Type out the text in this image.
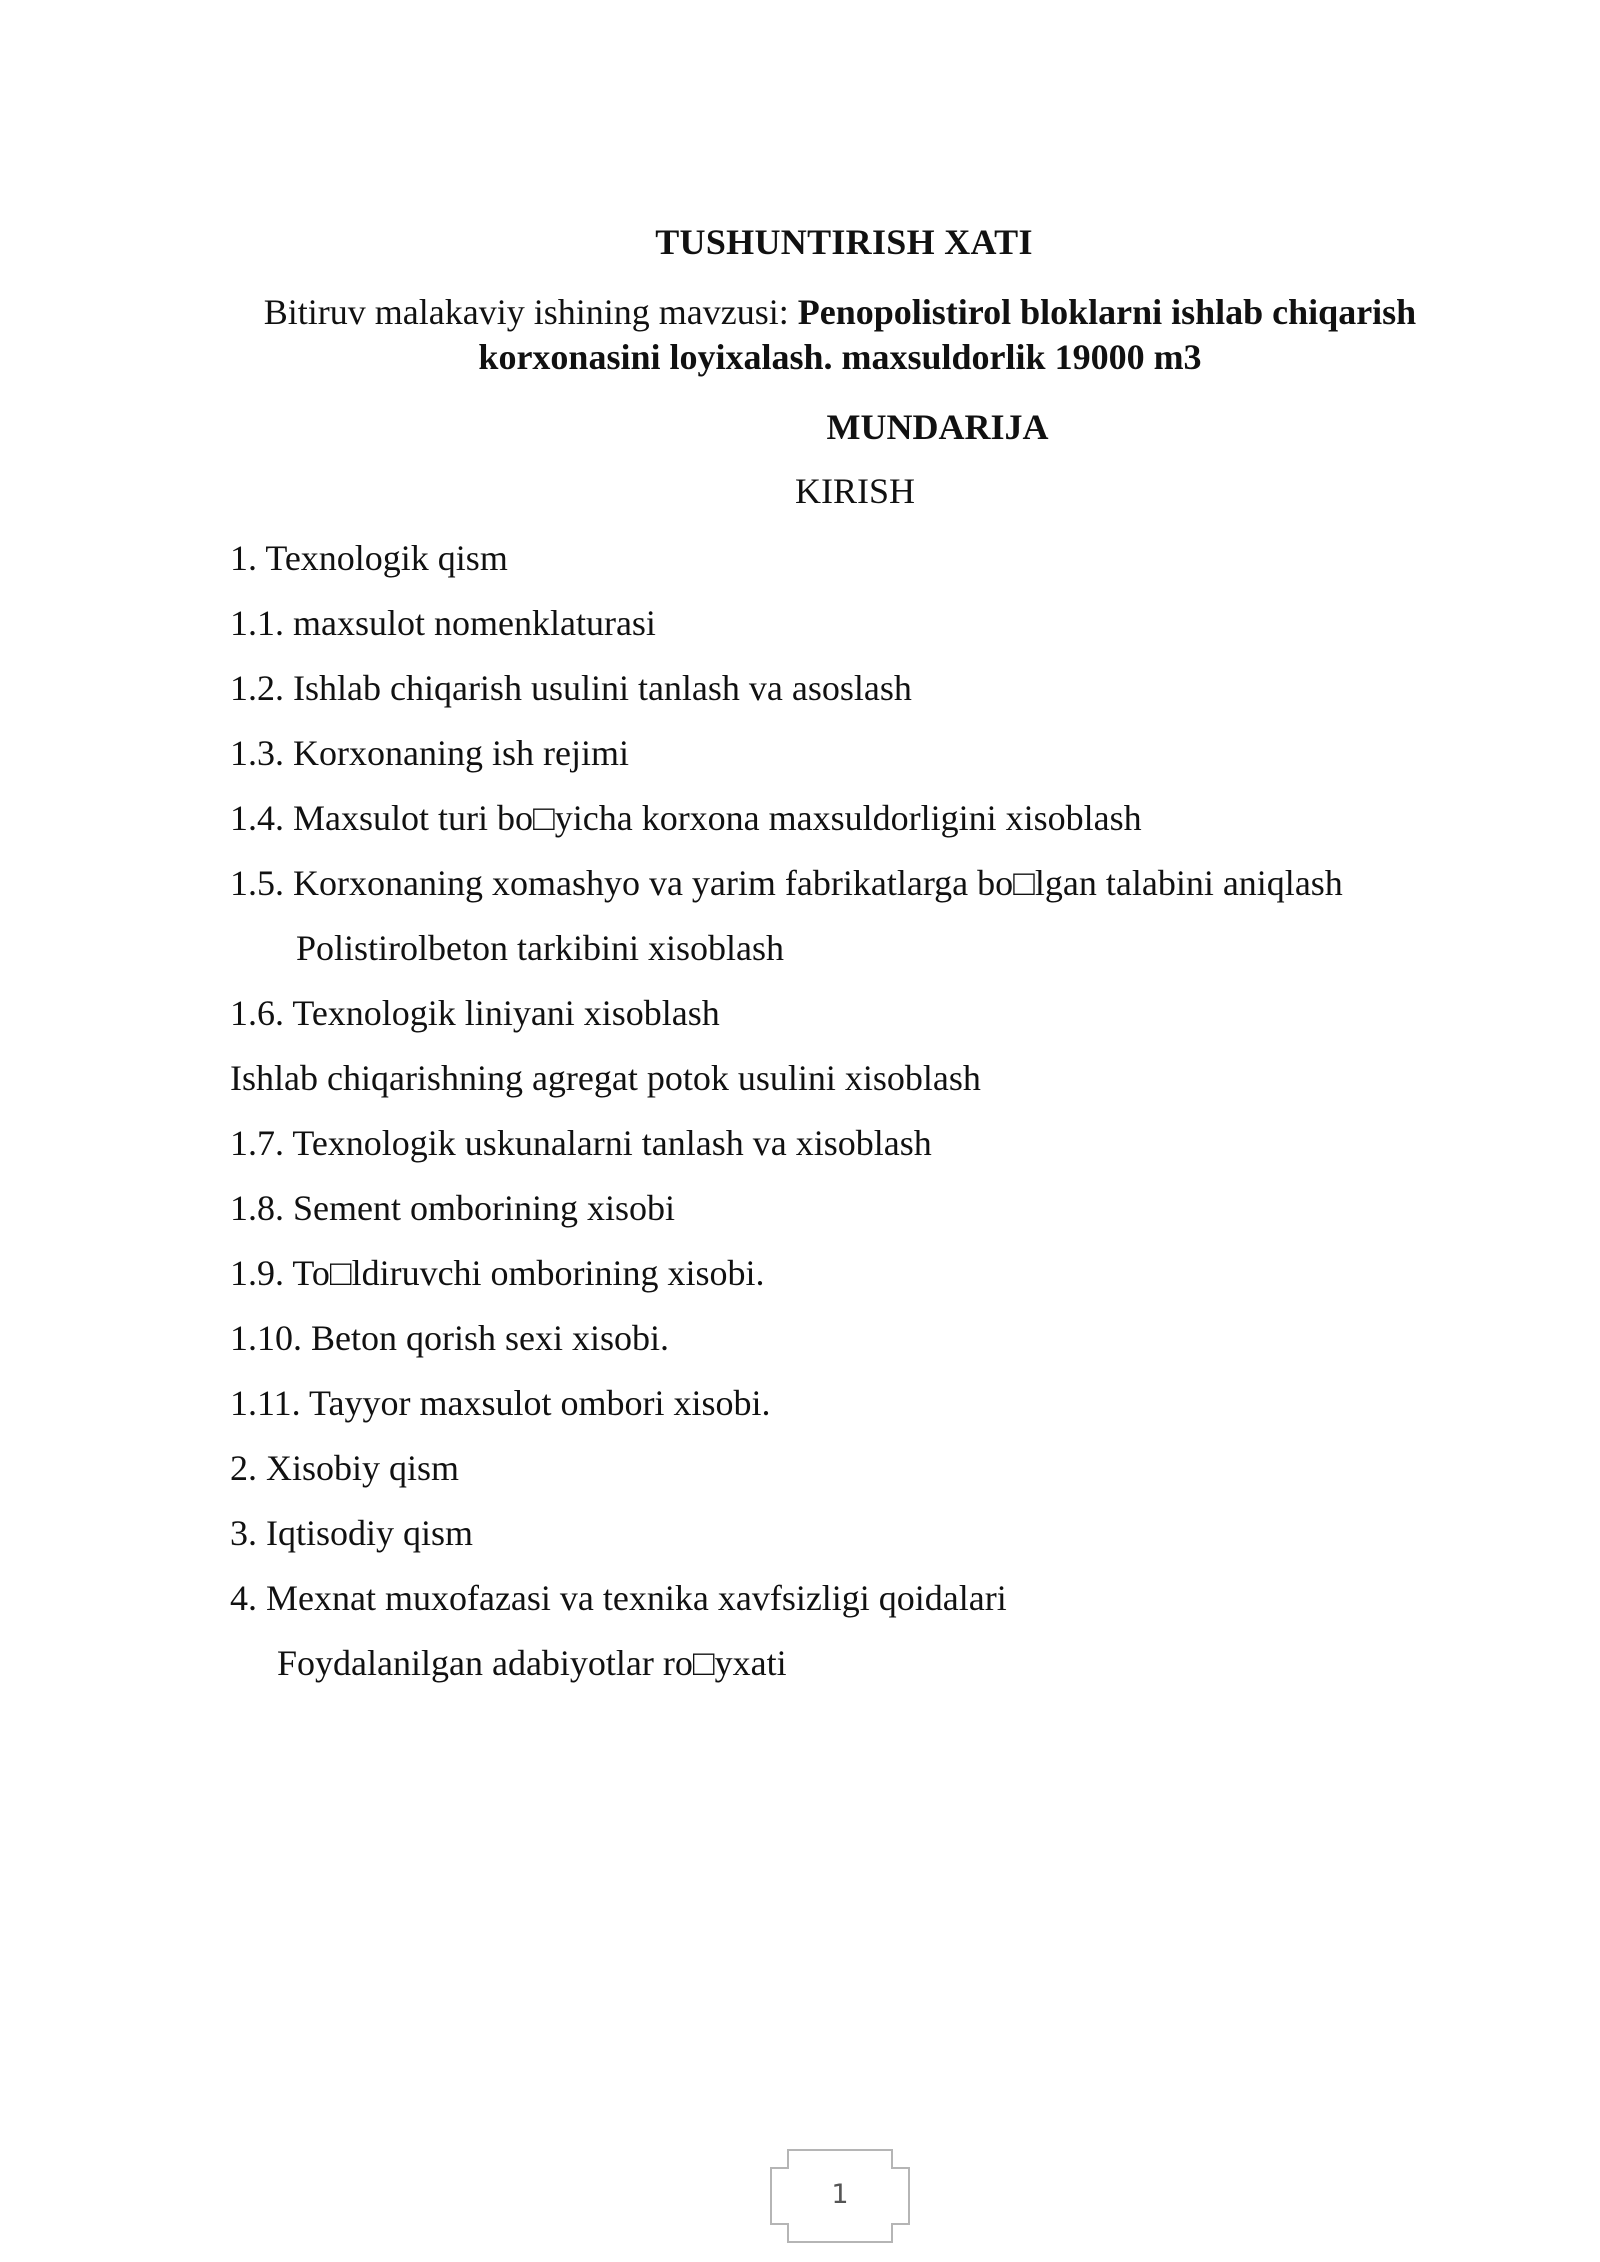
TUSHUNTIRISH XATI
Bitiruv malakaviy ishining mavzusi: Penopolistirol bloklarni ishlab chiqarish korxonasini loyixalash. maxsuldorlik 19000 m3
MUNDARIJA
KIRISH
1. Texnologik qism
1.1. maxsulot nomenklaturasi
1.2. Ishlab chiqarish usulini tanlash va asoslash
1.3. Korxonaning ish rejimi
1.4. Maxsulot turi bo□yicha korxona maxsuldorligini xisoblash
1.5. Korxonaning xomashyo va yarim fabrikatlarga bo□lgan talabini aniqlash
Polistirolbeton tarkibini xisoblash
1.6. Texnologik liniyani xisoblash
Ishlab chiqarishning agregat potok usulini xisoblash
1.7. Texnologik uskunalarni tanlash va xisoblash
1.8. Sement omborining xisobi
1.9. To□ldiruvchi omborining xisobi.
1.10. Beton qorish sexi xisobi.
1.11. Tayyor maxsulot ombori xisobi.
2. Xisobiy qism
3. Iqtisodiy qism
4. Mexnat muxofazasi va texnika xavfsizligi qoidalari
Foydalanilgan adabiyotlar ro□yxati
1
